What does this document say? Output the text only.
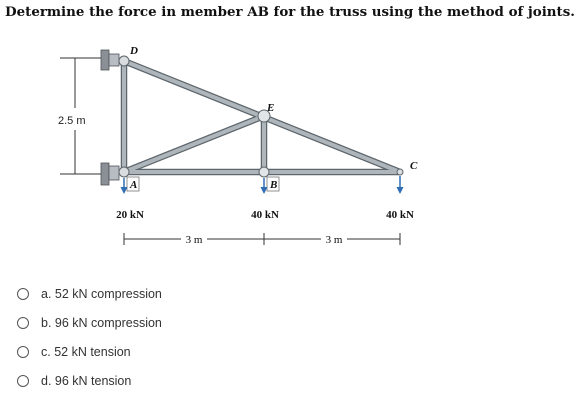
Determine the force in member AB for the truss using the method of joints.
2.5 m
D
E
C
A	B
20 kN	40 kN	40 kN
3 m	3 m
a. 52 kN compression
b. 96 kN compression
c. 52 kN tension
d. 96 kN tension
